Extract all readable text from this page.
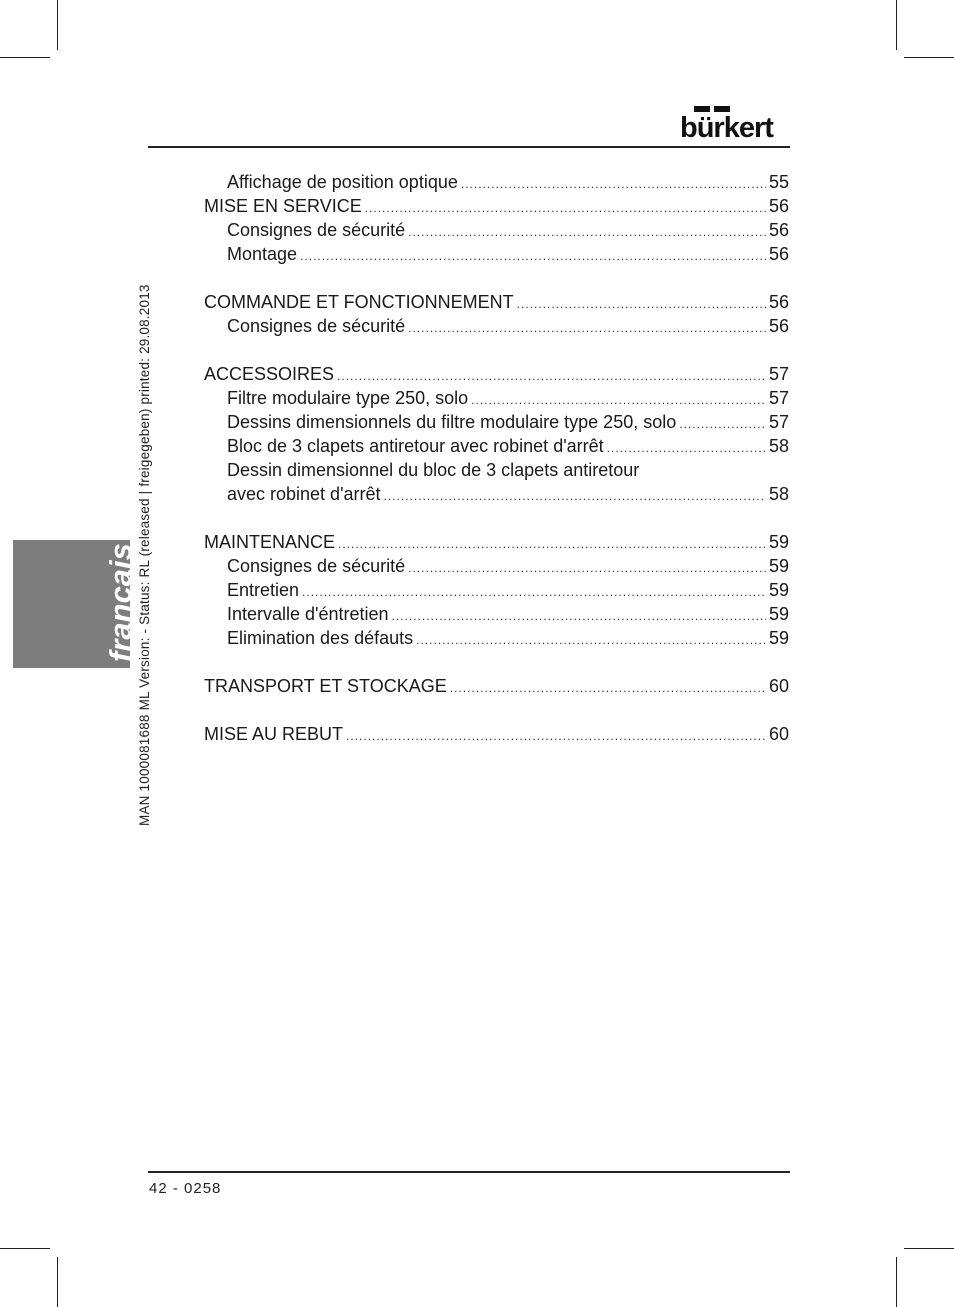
bürkert
français MAN 1000081688 ML Version: - Status: RL (released | freigegeben) printed: 29.08.2013
Affichage de position optique .....	55
MISE EN SERVICE .....	56
Consignes de sécurité .....	56
Montage .....	56
COMMANDE ET FONCTIONNEMENT .....	56
Consignes de sécurité .....	56
ACCESSOIRES .....	57
Filtre modulaire type 250, solo .....	57
Dessins dimensionnels du filtre modulaire type 250, solo .....	57
Bloc de 3 clapets antiretour avec robinet d'arrêt .....	58
Dessin dimensionnel du bloc de 3 clapets antiretour
avec robinet d'arrêt .....	58
MAINTENANCE .....	59
Consignes de sécurité .....	59
Entretien .....	59
Intervalle d'éntretien .....	59
Elimination des défauts .....	59
TRANSPORT ET STOCKAGE .....	60
MISE AU REBUT .....	60
42 - 0258
